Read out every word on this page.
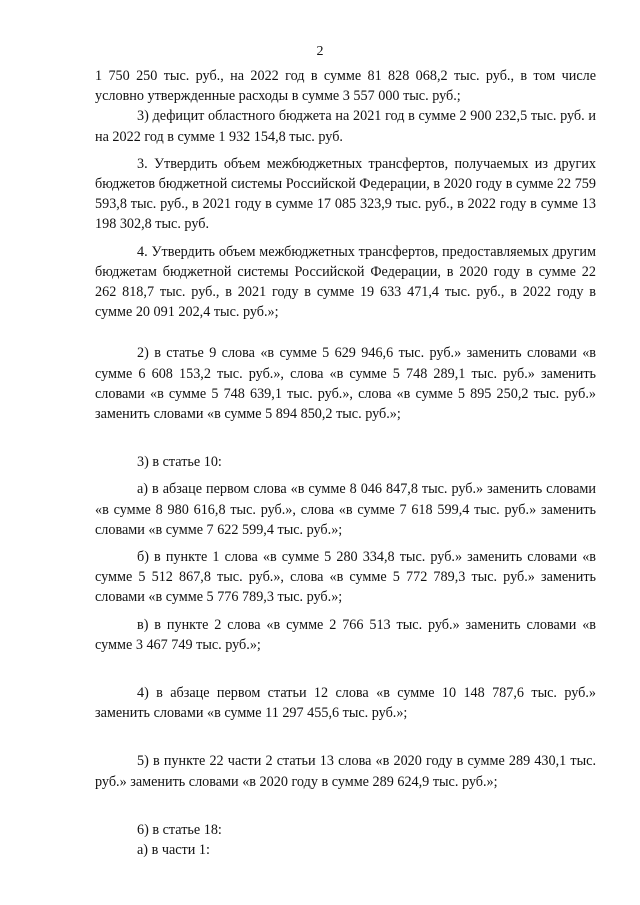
2

1 750 250 тыс. руб., на 2022 год в сумме 81 828 068,2 тыс. руб., в том числе условно утвержденные расходы в сумме 3 557 000 тыс. руб.;

3) дефицит областного бюджета на 2021 год в сумме 2 900 232,5 тыс. руб. и на 2022 год в сумме 1 932 154,8 тыс. руб.

3. Утвердить объем межбюджетных трансфертов, получаемых из других бюджетов бюджетной системы Российской Федерации, в 2020 году в сумме 22 759 593,8 тыс. руб., в 2021 году в сумме 17 085 323,9 тыс. руб., в 2022 году в сумме 13 198 302,8 тыс. руб.

4. Утвердить объем межбюджетных трансфертов, предоставляемых другим бюджетам бюджетной системы Российской Федерации, в 2020 году в сумме 22 262 818,7 тыс. руб., в 2021 году в сумме 19 633 471,4 тыс. руб., в 2022 году в сумме 20 091 202,4 тыс. руб.»;

2) в статье 9 слова «в сумме 5 629 946,6 тыс. руб.» заменить словами «в сумме 6 608 153,2 тыс. руб.», слова «в сумме 5 748 289,1 тыс. руб.» заменить словами «в сумме 5 748 639,1 тыс. руб.», слова «в сумме 5 895 250,2 тыс. руб.» заменить словами «в сумме 5 894 850,2 тыс. руб.»;

3) в статье 10:

а) в абзаце первом слова «в сумме 8 046 847,8 тыс. руб.» заменить словами «в сумме 8 980 616,8 тыс. руб.», слова «в сумме 7 618 599,4 тыс. руб.» заменить словами «в сумме 7 622 599,4 тыс. руб.»;

б) в пункте 1 слова «в сумме 5 280 334,8 тыс. руб.» заменить словами «в сумме 5 512 867,8 тыс. руб.», слова «в сумме 5 772 789,3 тыс. руб.» заменить словами «в сумме 5 776 789,3 тыс. руб.»;

в) в пункте 2 слова «в сумме 2 766 513 тыс. руб.» заменить словами «в сумме 3 467 749 тыс. руб.»;

4) в абзаце первом статьи 12 слова «в сумме 10 148 787,6 тыс. руб.» заменить словами «в сумме 11 297 455,6 тыс. руб.»;

5) в пункте 22 части 2 статьи 13 слова «в 2020 году в сумме 289 430,1 тыс. руб.» заменить словами «в 2020 году в сумме 289 624,9 тыс. руб.»;

6) в статье 18:

а) в части 1:
